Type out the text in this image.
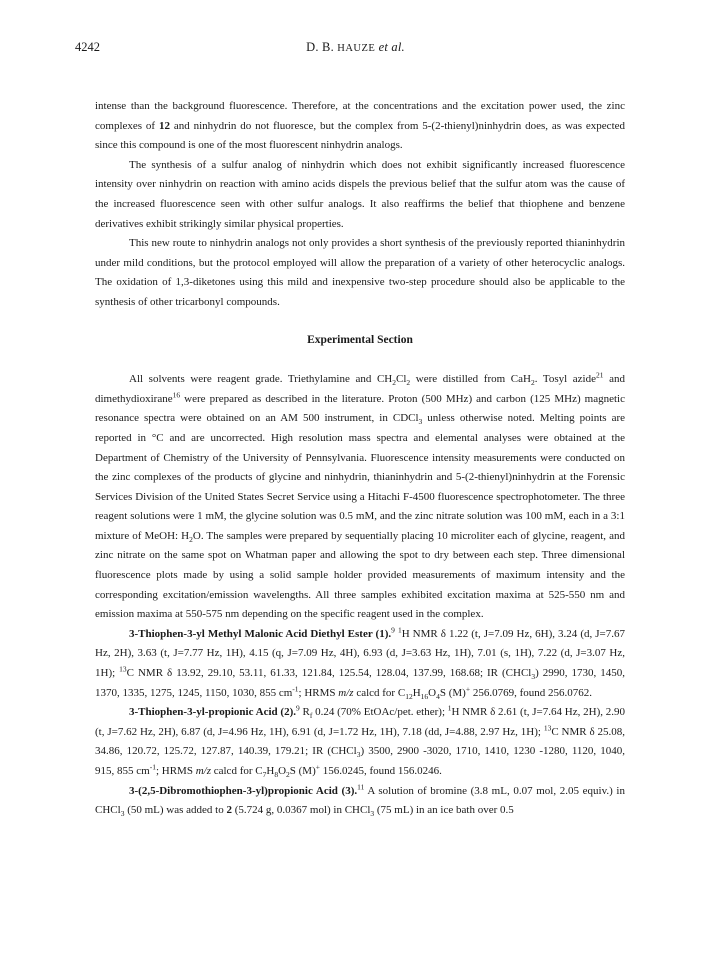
4242	D. B. HAUZE et al.

intense than the background fluorescence. Therefore, at the concentrations and the excitation power used, the zinc complexes of 12 and ninhydrin do not fluoresce, but the complex from 5-(2-thienyl)ninhydrin does, as was expected since this compound is one of the most fluorescent ninhydrin analogs.

The synthesis of a sulfur analog of ninhydrin which does not exhibit significantly increased fluorescence intensity over ninhydrin on reaction with amino acids dispels the previous belief that the sulfur atom was the cause of the increased fluorescence seen with other sulfur analogs. It also reaffirms the belief that thiophene and benzene derivatives exhibit strikingly similar physical properties.

This new route to ninhydrin analogs not only provides a short synthesis of the previously reported thianinhydrin under mild conditions, but the protocol employed will allow the preparation of a variety of other heterocyclic analogs. The oxidation of 1,3-diketones using this mild and inexpensive two-step procedure should also be applicable to the synthesis of other tricarbonyl compounds.

Experimental Section

All solvents were reagent grade. Triethylamine and $CH_2Cl_2$ were distilled from CaH$_2$. Tosyl azide$^{21}$ and dimethydioxirane$^{16}$ were prepared as described in the literature. Proton (500 MHz) and carbon (125 MHz) magnetic resonance spectra were obtained on an AM 500 instrument, in CDCl$_3$ unless otherwise noted. Melting points are reported in °C and are uncorrected. High resolution mass spectra and elemental analyses were obtained at the Department of Chemistry of the University of Pennsylvania. Fluorescence intensity measurements were conducted on the zinc complexes of the products of glycine and ninhydrin, thianinhydrin and 5-(2-thienyl)ninhydrin at the Forensic Services Division of the United States Secret Service using a Hitachi F-4500 fluorescence spectrophotometer. The three reagent solutions were 1 mM, the glycine solution was 0.5 mM, and the zinc nitrate solution was 100 mM, each in a 3:1 mixture of MeOH: $H_2O$. The samples were prepared by sequentially placing 10 microliter each of glycine, reagent, and zinc nitrate on the same spot on Whatman paper and allowing the spot to dry between each step. Three dimensional fluorescence plots made by using a solid sample holder provided measurements of maximum intensity and the corresponding excitation/emission wavelengths. All three samples exhibited excitation maxima at 525-550 nm and emission maxima at 550-575 nm depending on the specific reagent used in the complex.

3-Thiophen-3-yl Methyl Malonic Acid Diethyl Ester (1).$^9$ $^1$H NMR δ 1.22 (t, J=7.09 Hz, 6H), 3.24 (d, J=7.67 Hz, 2H), 3.63 (t, J=7.77 Hz, 1H), 4.15 (q, J=7.09 Hz, 4H), 6.93 (d, J=3.63 Hz, 1H), 7.01 (s, 1H), 7.22 (d, J=3.07 Hz, 1H); $^{13}$C NMR δ 13.92, 29.10, 53.11, 61.33, 121.84, 125.54, 128.04, 137.99, 168.68; IR (CHCl$_3$) 2990, 1730, 1450, 1370, 1335, 1275, 1245, 1150, 1030, 855 $cm^{-1}$; HRMS m/z calcd for $C_{12}H_{16}O_4S$ (M)+ 256.0769, found 256.0762.

3-Thiophen-3-yl-propionic Acid (2).$^9$ $R_f$ 0.24 (70% EtOAc/pet. ether); $^1$H NMR δ 2.61 (t, J=7.64 Hz, 2H), 2.90 (t, J=7.62 Hz, 2H), 6.87 (d, J=4.96 Hz, 1H), 6.91 (d, J=1.72 Hz, 1H), 7.18 (dd, J=4.88, 2.97 Hz, 1H); $^{13}$C NMR δ 25.08, 34.86, 120.72, 125.72, 127.87, 140.39, 179.21; IR (CHCl$_3$) 3500, 2900 -3020, 1710, 1410, 1230 -1280, 1120, 1040, 915, 855 $cm^{-1}$; HRMS m/z calcd for $C_7H_8O_2S$ (M)+ 156.0245, found 156.0246.

3-(2,5-Dibromothiophen-3-yl)propionic Acid (3).$^{11}$ A solution of bromine (3.8 mL, 0.07 mol, 2.05 equiv.) in CHCl$_3$ (50 mL) was added to 2 (5.724 g, 0.0367 mol) in CHCl$_3$ (75 mL) in an ice bath over 0.5
